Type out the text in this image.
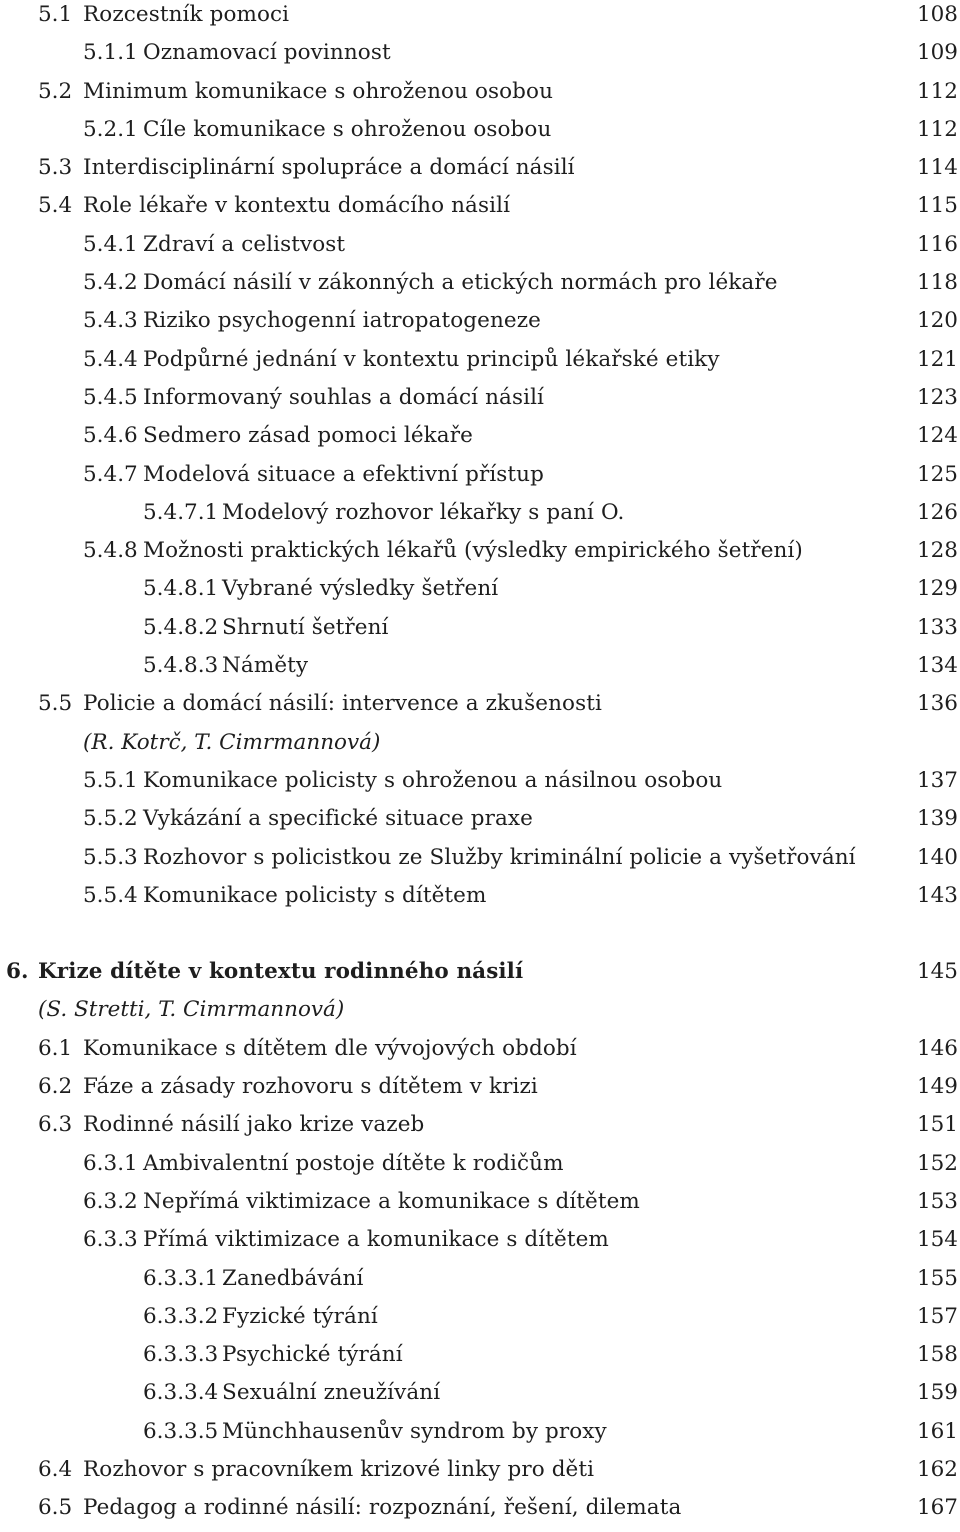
5.1 Rozcestník pomoci	108
5.1.1 Oznamovací povinnost	109
5.2 Minimum komunikace s ohroženou osobou	112
5.2.1 Cíle komunikace s ohroženou osobou	112
5.3 Interdisciplinární spolupráce a domácí násilí	114
5.4 Role lékaře v kontextu domácího násilí	115
5.4.1 Zdraví a celistvost	116
5.4.2 Domácí násilí v zákonných a etických normách pro lékaře	118
5.4.3 Riziko psychogenní iatropatogeneze	120
5.4.4 Podpůrné jednání v kontextu principů lékařské etiky	121
5.4.5 Informovaný souhlas a domácí násilí	123
5.4.6 Sedmero zásad pomoci lékaře	124
5.4.7 Modelová situace a efektivní přístup	125
5.4.7.1 Modelový rozhovor lékařky s paní O.	126
5.4.8 Možnosti praktických lékařů (výsledky empirického šetření)	128
5.4.8.1 Vybrané výsledky šetření	129
5.4.8.2 Shrnutí šetření	133
5.4.8.3 Náměty	134
5.5 Policie a domácí násilí: intervence a zkušenosti	136
(R. Kotrč, T. Cimrmannová)
5.5.1 Komunikace policisty s ohroženou a násilnou osobou	137
5.5.2 Vykázání a specifické situace praxe	139
5.5.3 Rozhovor s policistkou ze Služby kriminální policie a vyšetřování	140
5.5.4 Komunikace policisty s dítětem	143
6. Krize dítěte v kontextu rodinného násilí	145
(S. Stretti, T. Cimrmannová)
6.1 Komunikace s dítětem dle vývojových období	146
6.2 Fáze a zásady rozhovoru s dítětem v krizi	149
6.3 Rodinné násilí jako krize vazeb	151
6.3.1 Ambivalentní postoje dítěte k rodičům	152
6.3.2 Nepřímá viktimizace a komunikace s dítětem	153
6.3.3 Přímá viktimizace a komunikace s dítětem	154
6.3.3.1 Zanedbávání	155
6.3.3.2 Fyzické týrání	157
6.3.3.3 Psychické týrání	158
6.3.3.4 Sexuální zneužívání	159
6.3.3.5 Münchhausenův syndrom by proxy	161
6.4 Rozhovor s pracovníkem krizové linky pro děti	162
6.5 Pedagog a rodinné násilí: rozpoznání, řešení, dilemata	167
